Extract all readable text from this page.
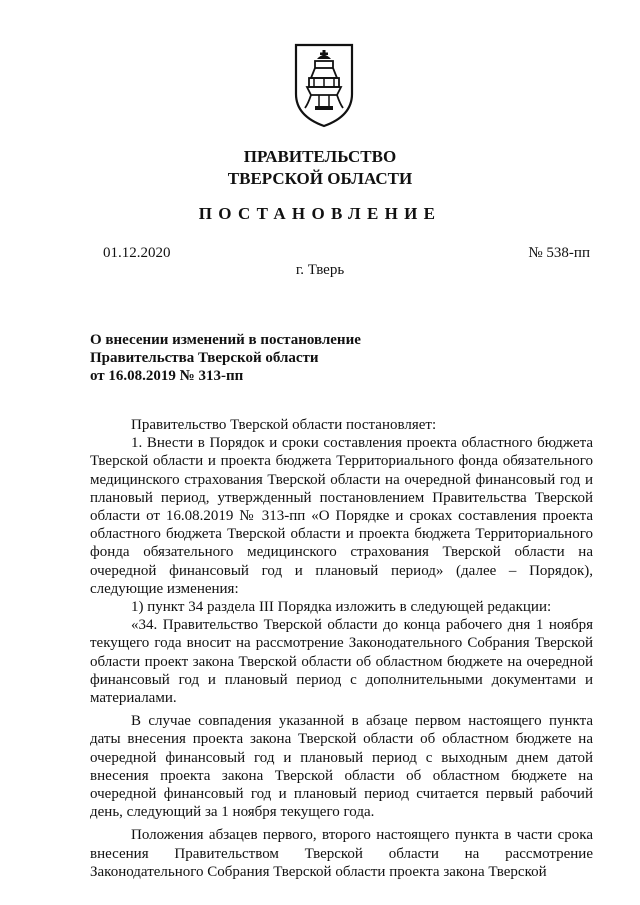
ПРАВИТЕЛЬСТВО
ТВЕРСКОЙ ОБЛАСТИ
ПОСТАНОВЛЕНИЕ
01.12.2020	№ 538-пп
г. Тверь
О внесении изменений в постановление
Правительства Тверской области
от 16.08.2019 № 313-пп

Правительство Тверской области постановляет:

1. Внести в Порядок и сроки составления проекта областного бюджета Тверской области и проекта бюджета Территориального фонда обязательного медицинского страхования Тверской области на очередной финансовый год и плановый период, утвержденный постановлением Правительства Тверской области от 16.08.2019 № 313-пп «О Порядке и сроках составления проекта областного бюджета Тверской области и проекта бюджета Территориального фонда обязательного медицинского страхования Тверской области на очередной финансовый год и плановый период» (далее – Порядок), следующие изменения:

1) пункт 34 раздела III Порядка изложить в следующей редакции:

«34. Правительство Тверской области до конца рабочего дня 1 ноября текущего года вносит на рассмотрение Законодательного Собрания Тверской области проект закона Тверской области об областном бюджете на очередной финансовый год и плановый период с дополнительными документами и материалами.

В случае совпадения указанной в абзаце первом настоящего пункта даты внесения проекта закона Тверской области об областном бюджете на очередной финансовый год и плановый период с выходным днем датой внесения проекта закона Тверской области об областном бюджете на очередной финансовый год и плановый период считается первый рабочий день, следующий за 1 ноября текущего года.

Положения абзацев первого, второго настоящего пункта в части срока внесения Правительством Тверской области на рассмотрение Законодательного Собрания Тверской области проекта закона Тверской
